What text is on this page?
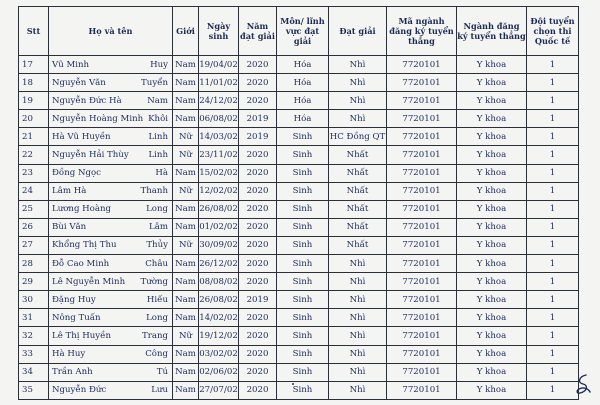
Stt	Họ và tên	Giới	Ngày sinh	Năm đạt giải	Môn/ lĩnh vực đạt giải	Đạt giải	Mã ngành đăng ký tuyển thẳng	Ngành đăng ký tuyển thẳng	Đội tuyển chọn thi Quốc tế
17	Vũ Minh Huy	Nam	19/04/02	2020	Hóa	Nhì	7720101	Y khoa	1
18	Nguyễn Văn Tuyển	Nam	11/01/02	2020	Hóa	Nhì	7720101	Y khoa	1
19	Nguyễn Đức Hà Nam	Nam	24/12/02	2020	Hóa	Nhì	7720101	Y khoa	1
20	Nguyễn Hoàng Minh Khôi	Nam	06/08/02	2019	Hóa	Nhì	7720101	Y khoa	1
21	Hà Vũ Huyền Linh	Nữ	14/03/02	2019	Sinh	HC Đồng QT	7720101	Y khoa	1
22	Nguyễn Hải Thùy Linh	Nữ	23/11/02	2020	Sinh	Nhất	7720101	Y khoa	1
23	Đồng Ngọc Hà	Nam	15/02/02	2020	Sinh	Nhất	7720101	Y khoa	1
24	Lâm Hà Thanh	Nữ	12/02/02	2020	Sinh	Nhất	7720101	Y khoa	1
25	Lương Hoàng Long	Nam	26/08/02	2020	Sinh	Nhất	7720101	Y khoa	1
26	Bùi Văn Lâm	Nam	01/02/02	2020	Sinh	Nhất	7720101	Y khoa	1
27	Khổng Thị Thu Thủy	Nữ	30/09/02	2020	Sinh	Nhất	7720101	Y khoa	1
28	Đỗ Cao Minh Châu	Nam	26/12/02	2020	Sinh	Nhì	7720101	Y khoa	1
29	Lê Nguyễn Minh Tường	Nam	08/08/02	2020	Sinh	Nhì	7720101	Y khoa	1
30	Đặng Huy Hiếu	Nam	26/08/02	2019	Sinh	Nhì	7720101	Y khoa	1
31	Nông Tuấn Long	Nam	14/02/02	2020	Sinh	Nhì	7720101	Y khoa	1
32	Lê Thị Huyền Trang	Nữ	19/12/02	2020	Sinh	Nhì	7720101	Y khoa	1
33	Hà Huy Công	Nam	03/02/02	2020	Sinh	Nhì	7720101	Y khoa	1
34	Trần Anh Tú	Nam	02/06/02	2020	Sinh	Nhì	7720101	Y khoa	1
35	Nguyễn Đức Lưu	Nam	27/07/02	2020	Sinh	Nhì	7720101	Y khoa	1
